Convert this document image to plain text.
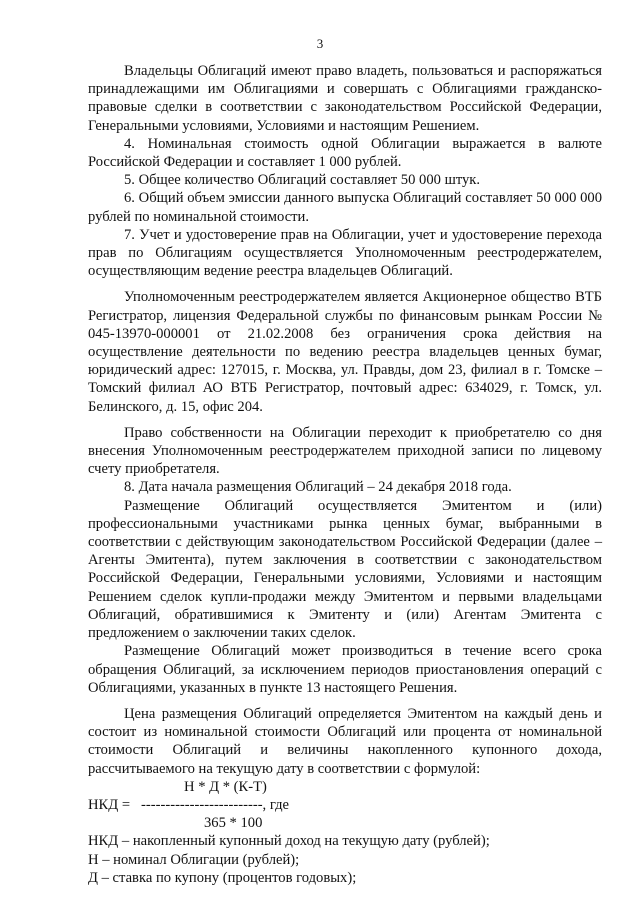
3

Владельцы Облигаций имеют право владеть, пользоваться и распоряжаться принадлежащими им Облигациями и совершать с Облигациями гражданско-правовые сделки в соответствии с законодательством Российской Федерации, Генеральными условиями, Условиями и настоящим Решением.

4. Номинальная стоимость одной Облигации выражается в валюте Российской Федерации и составляет 1 000 рублей.

5. Общее количество Облигаций составляет 50 000 штук.

6. Общий объем эмиссии данного выпуска Облигаций составляет 50 000 000 рублей по номинальной стоимости.

7. Учет и удостоверение прав на Облигации, учет и удостоверение перехода прав по Облигациям осуществляется Уполномоченным реестродержателем, осуществляющим ведение реестра владельцев Облигаций.

Уполномоченным реестродержателем является Акционерное общество ВТБ Регистратор, лицензия Федеральной службы по финансовым рынкам России № 045-13970-000001 от 21.02.2008 без ограничения срока действия на осуществление деятельности по ведению реестра владельцев ценных бумаг, юридический адрес: 127015, г. Москва, ул. Правды, дом 23, филиал в г. Томске – Томский филиал АО ВТБ Регистратор, почтовый адрес: 634029, г. Томск, ул. Белинского, д. 15, офис 204.

Право собственности на Облигации переходит к приобретателю со дня внесения Уполномоченным реестродержателем приходной записи по лицевому счету приобретателя.

8. Дата начала размещения Облигаций – 24 декабря 2018 года.

Размещение Облигаций осуществляется Эмитентом и (или) профессиональными участниками рынка ценных бумаг, выбранными в соответствии с действующим законодательством Российской Федерации (далее – Агенты Эмитента), путем заключения в соответствии с законодательством Российской Федерации, Генеральными условиями, Условиями и настоящим Решением сделок купли-продажи между Эмитентом и первыми владельцами Облигаций, обратившимися к Эмитенту и (или) Агентам Эмитента с предложением о заключении таких сделок.

Размещение Облигаций может производиться в течение всего срока обращения Облигаций, за исключением периодов приостановления операций с Облигациями, указанных в пункте 13 настоящего Решения.

Цена размещения Облигаций определяется Эмитентом на каждый день и состоит из номинальной стоимости Облигаций или процента от номинальной стоимости Облигаций и величины накопленного купонного дохода, рассчитываемого на текущую дату в соответствии с формулой:

Н * Д * (К-Т)

НКД =   -------------------------, где

365 * 100

НКД – накопленный купонный доход на текущую дату (рублей);

Н – номинал Облигации (рублей);

Д – ставка по купону (процентов годовых);
